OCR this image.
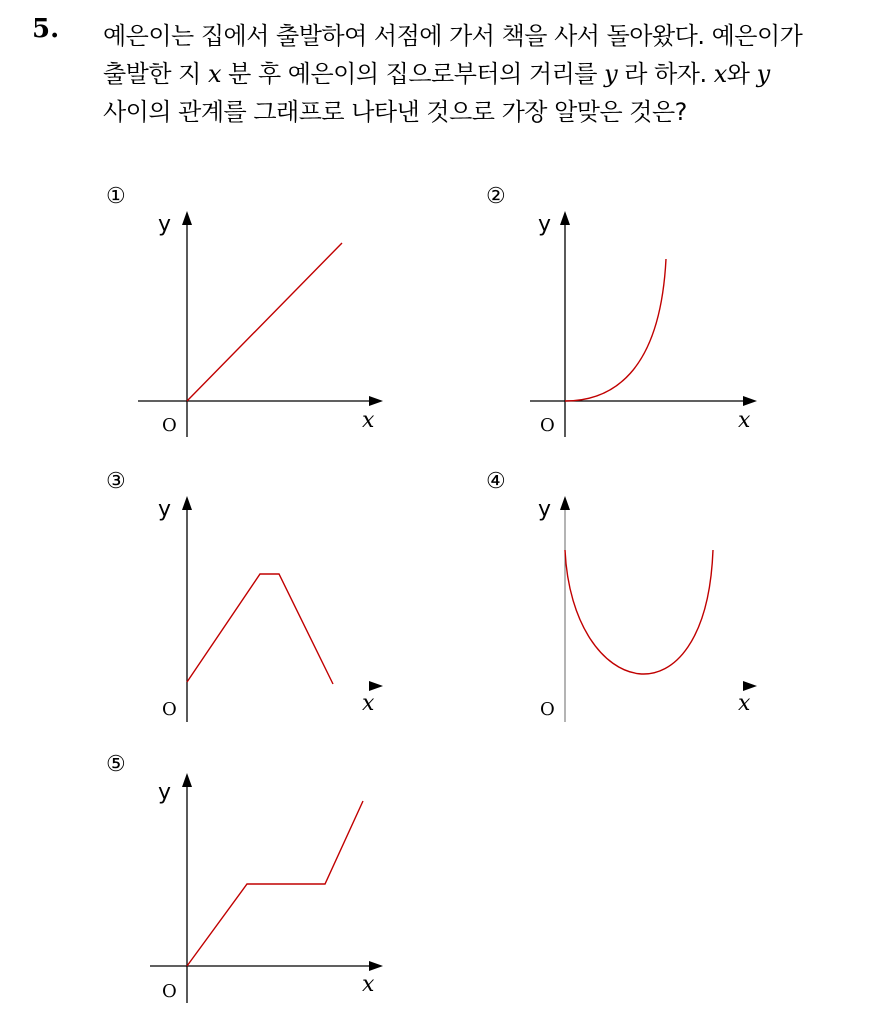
5. 예은이는 집에서 출발하여 서점에 가서 책을 사서 돌아왔다. 예은이가
출발한 지 x 분 후 예은이의 집으로부터의 거리를 y 라 하자. x와 y
사이의 관계를 그래프로 나타낸 것으로 가장 알맞은 것은?
①
y
x
O
②
y
x
O
③
y
x
O
④
y
x
O
⑤
y
x
O
